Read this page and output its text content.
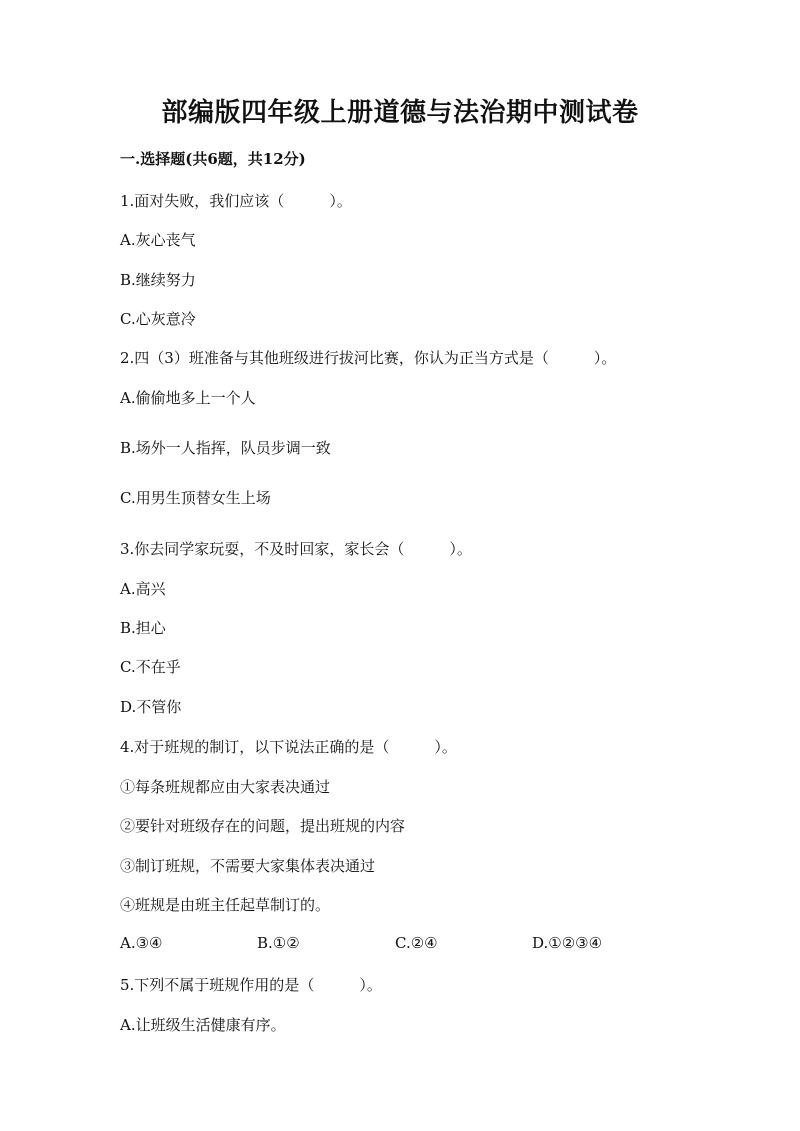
部编版四年级上册道德与法治期中测试卷

一.选择题(共6题，共12分)

1.面对失败，我们应该（　　　）。

A.灰心丧气

B.继续努力

C.心灰意冷

2.四（3）班准备与其他班级进行拔河比赛，你认为正当方式是（　　　）。

A.偷偷地多上一个人

B.场外一人指挥，队员步调一致

C.用男生顶替女生上场

3.你去同学家玩耍，不及时回家，家长会（　　　）。

A.高兴

B.担心

C.不在乎

D.不管你

4.对于班规的制订，以下说法正确的是（　　　）。

①每条班规都应由大家表决通过

②要针对班级存在的问题，提出班规的内容

③制订班规，不需要大家集体表决通过

④班规是由班主任起草制订的。

A.③④	B.①②	C.②④	D.①②③④

5.下列不属于班规作用的是（　　　）。

A.让班级生活健康有序。
